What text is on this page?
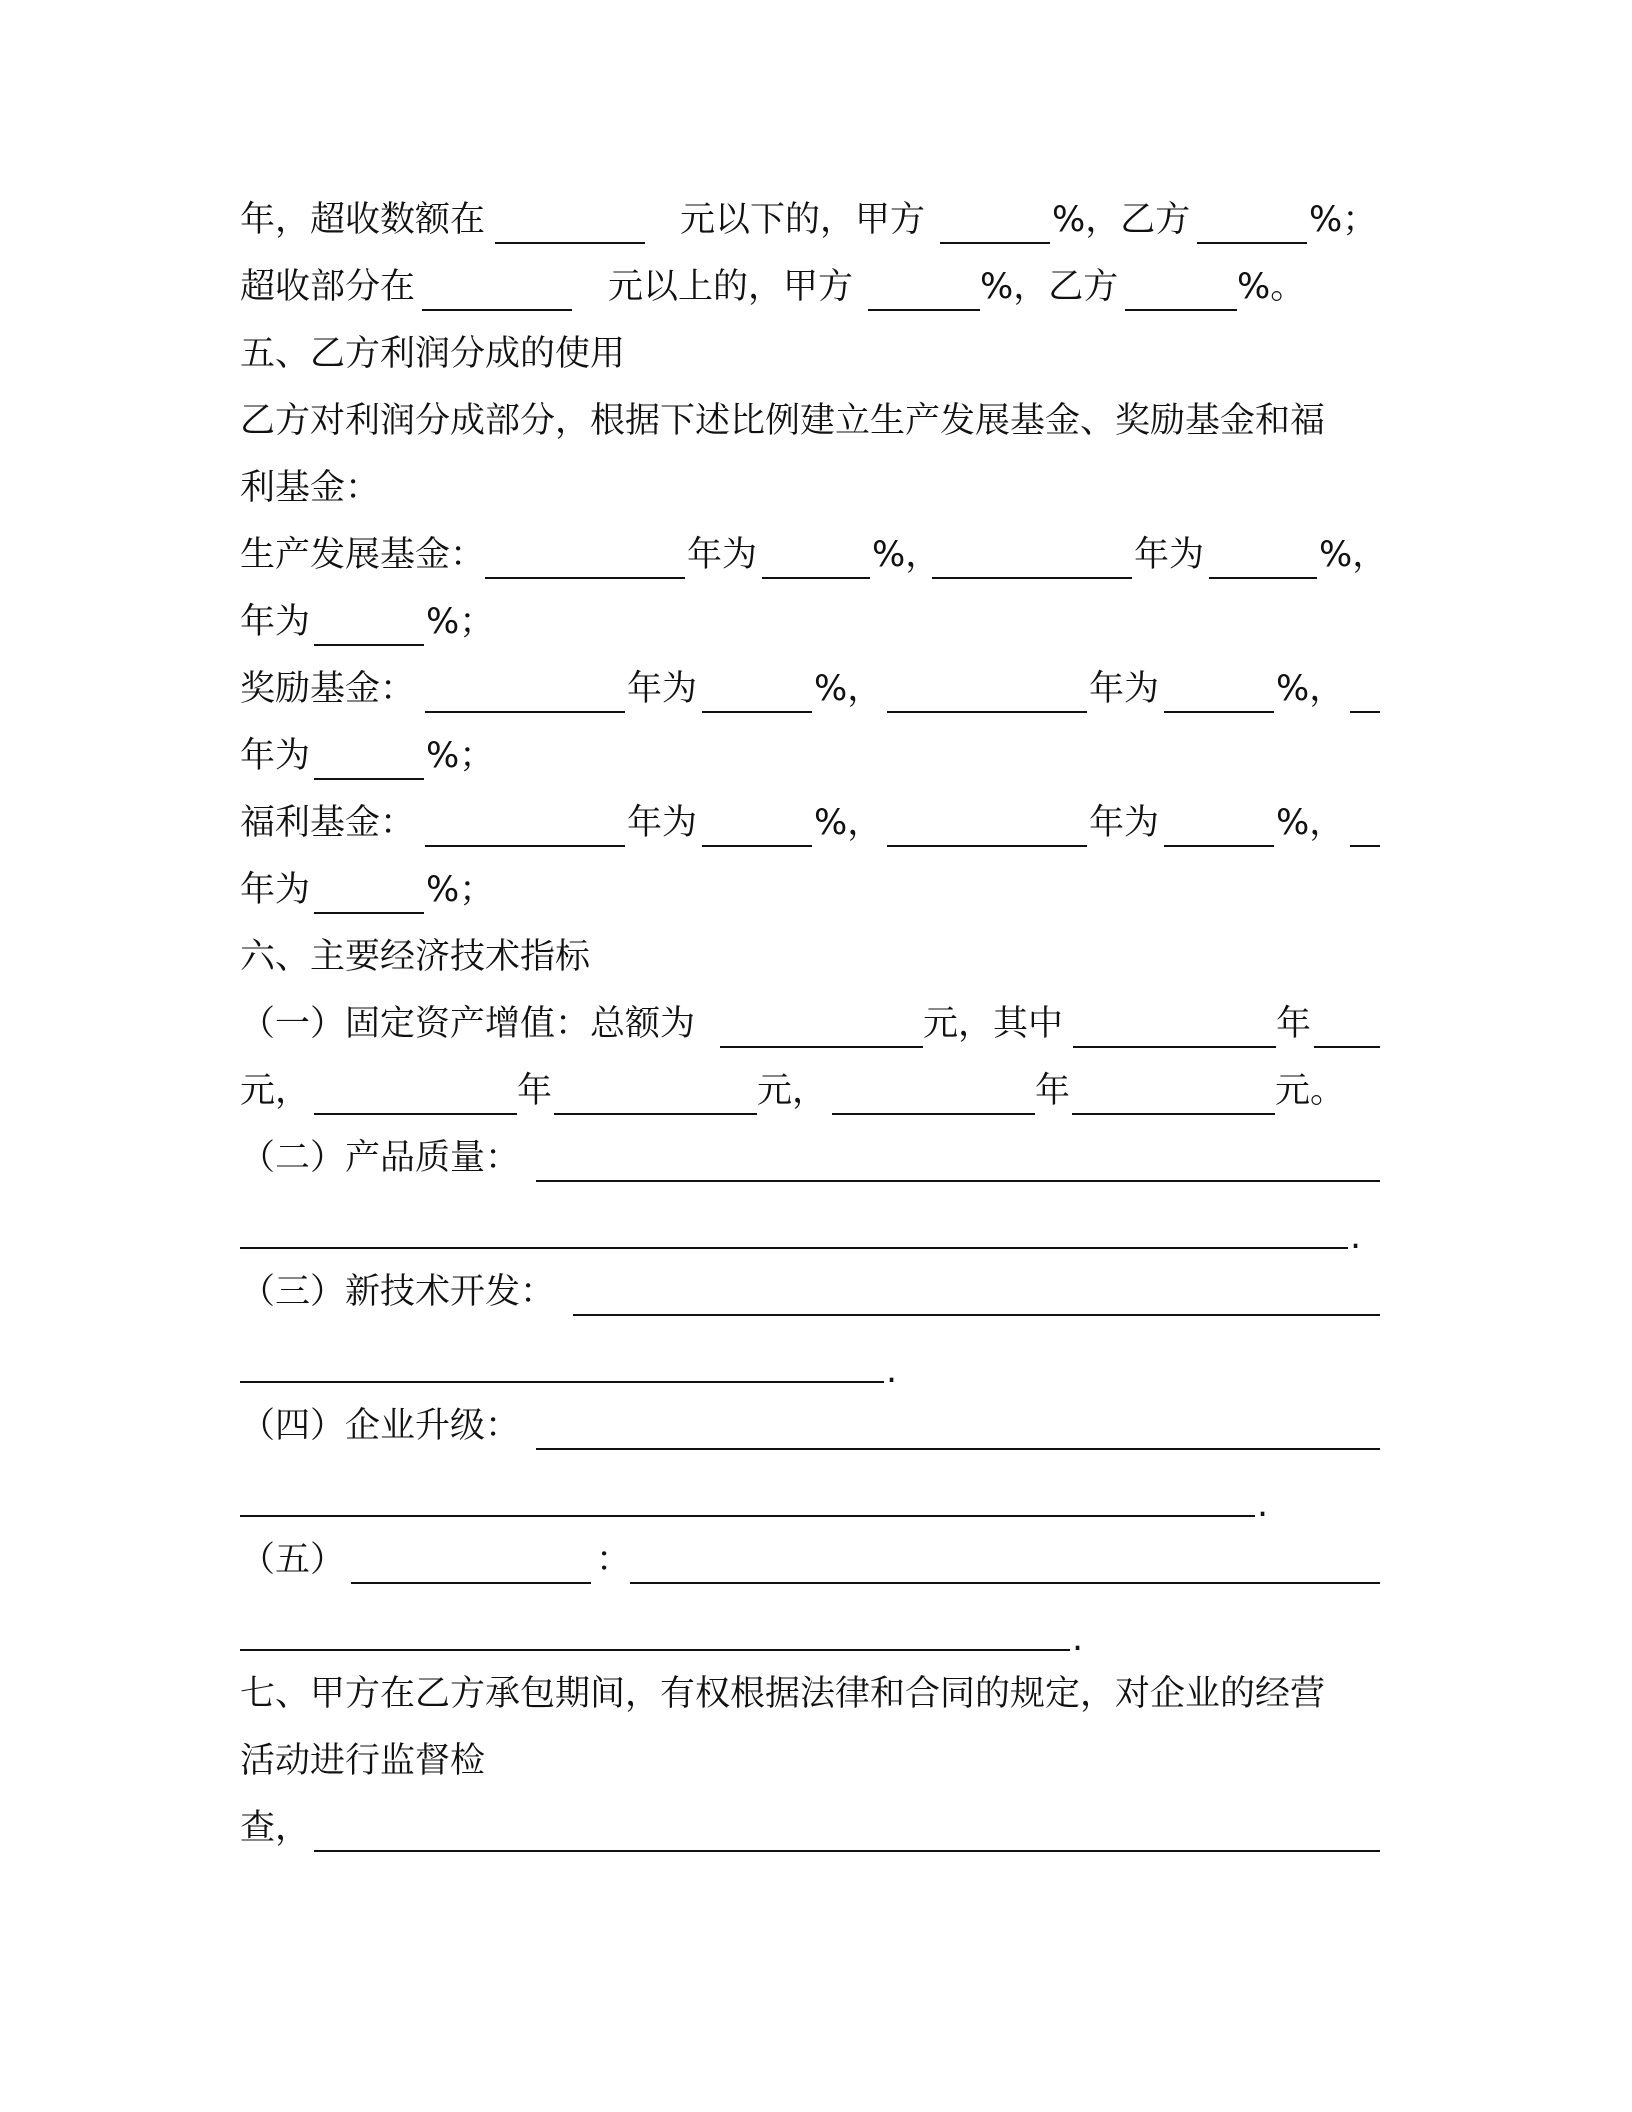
年，超收数额在	元以下的，甲方	%，乙方	%；
超收部分在	元以上的，甲方	%，乙方	%。
五、乙方利润分成的使用
乙方对利润分成部分，根据下述比例建立生产发展基金、奖励基金和福
利基金：
生产发展基金：	年为	%，	年为	%，
年为	%；
奖励基金：	年为	%，	年为	%，
年为	%；
福利基金：	年为	%，	年为	%，
年为	%；
六、主要经济技术指标
（一）固定资产增值：总额为	元，其中	年
元，	年	元，	年	元。
（二）产品质量：
.
（三）新技术开发：
.
（四）企业升级：
.
（五）	：
.
七、甲方在乙方承包期间，有权根据法律和合同的规定，对企业的经营
活动进行监督检
查，
